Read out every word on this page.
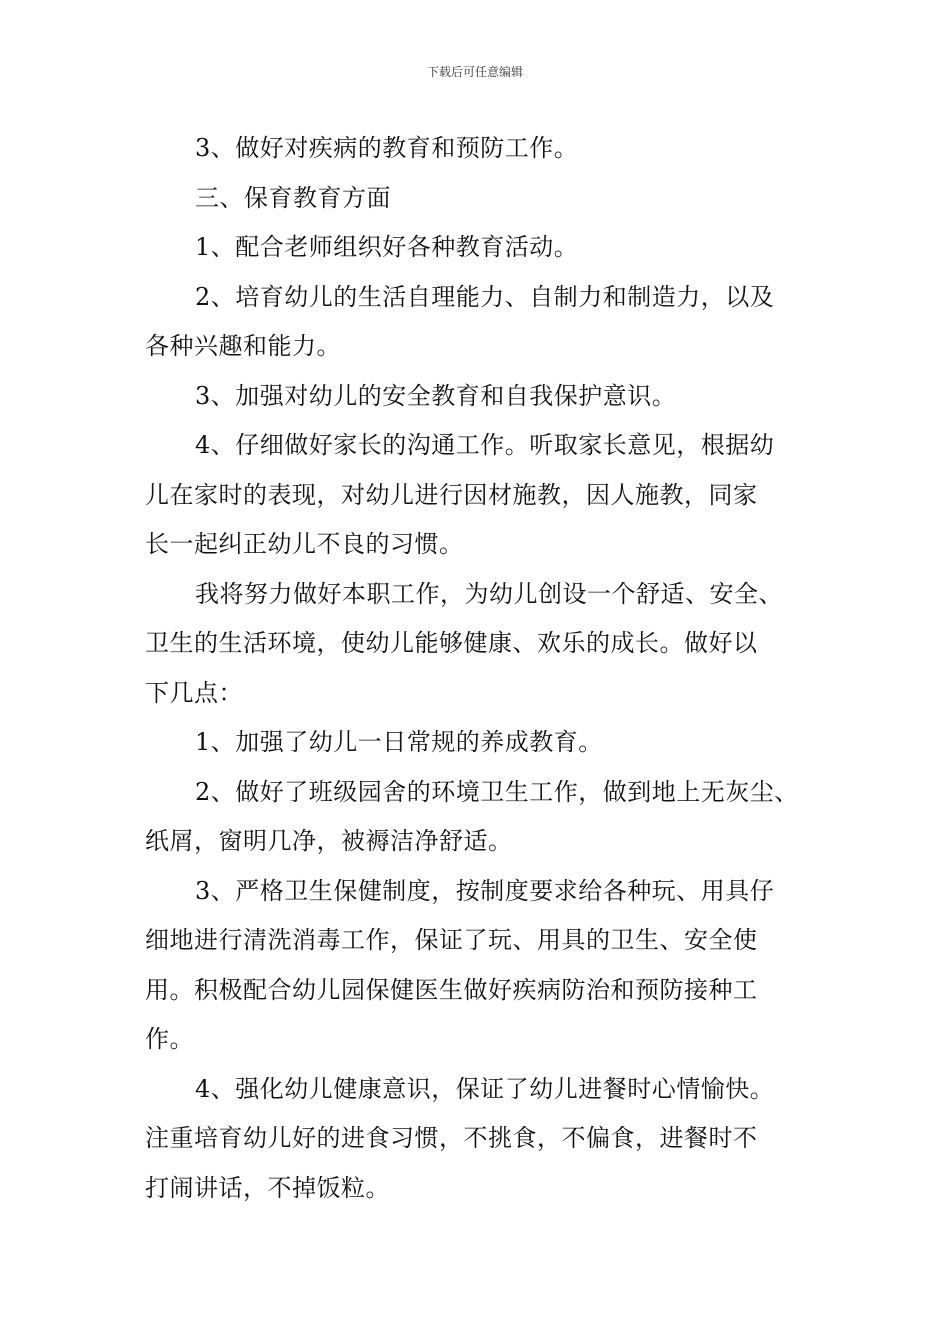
下载后可任意编辑
3、做好对疾病的教育和预防工作。
三、保育教育方面
1、配合老师组织好各种教育活动。
2、培育幼儿的生活自理能力、自制力和制造力，以及
各种兴趣和能力。
3、加强对幼儿的安全教育和自我保护意识。
4、仔细做好家长的沟通工作。听取家长意见，根据幼
儿在家时的表现，对幼儿进行因材施教，因人施教，同家
长一起纠正幼儿不良的习惯。
我将努力做好本职工作，为幼儿创设一个舒适、安全、
卫生的生活环境，使幼儿能够健康、欢乐的成长。做好以
下几点：
1、加强了幼儿一日常规的养成教育。
2、做好了班级园舍的环境卫生工作，做到地上无灰尘、
纸屑，窗明几净，被褥洁净舒适。
3、严格卫生保健制度，按制度要求给各种玩、用具仔
细地进行清洗消毒工作，保证了玩、用具的卫生、安全使
用。积极配合幼儿园保健医生做好疾病防治和预防接种工
作。
4、强化幼儿健康意识，保证了幼儿进餐时心情愉快。
注重培育幼儿好的进食习惯，不挑食，不偏食，进餐时不
打闹讲话，不掉饭粒。
